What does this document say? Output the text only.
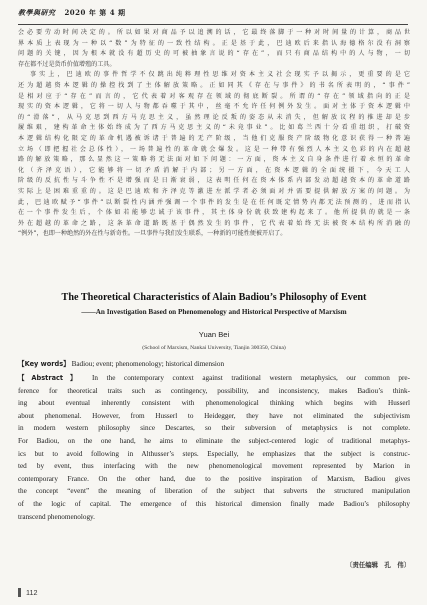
教學與研究 2020 年 第 4 期
会必要劳动时间决定的。所以如果对商品予以追溯的话，它最终落脚于一种对时间量的计算，商品世
界本质上表现为一种以“数”为特征的一致性结构。正是基于此，巴迪欧后来指认海德格尔没有洞察
问题的关键，因为根本就没有超历史的可被抽象言说的“存在”，而只有商品结构中的人与物，一切
存在都不过是货币价值增殖的工具。
事实上，巴迪欧的事件哲学不仅跳出纯粹理性思维对资本主义社会现实予以揭示，更重要的是它
还为超越资本逻辑的操控找到了主体解放策略。正如同其《存在与事件》的书名所表明的，“事件”
是相对应于“存在”而言的，它代表着对客观存在领域的彻底断裂。所谓的“存在”领域指向的正是
现实的资本逻辑，它将一切人与物都吞噬于其中，丝毫不允许任何例外发生。面对主体于资本逻辑中
的“滑落”，从马克思到西方马克思主义，虽然理论反叛的姿态从未消失，但解放议程的推进却是步
履维艰，建构革命主体始终成为了西方马克思主义的“未竟事业”。比如葛兰西十分看重组织，打破资
本逻辑结构化限定的革命机遇被诉诸于普遍的无产阶级，当他们克服资产阶级物化意识获得一种普遍
立场（即把握社会总体性），一场普遍性的革命就会爆发。这是一种带有强烈人本主义色彩的内在超越
路的解放策略，那么显然这一策略将无法面对如下问题：一方面，资本主义自身条件进行着永恒的革命
化（齐泽克语），它能够将一切矛盾消解于内部；另一方面，在资本逻辑的全面统摄下，今天工人
阶级的反抗性与斗争性不是增强而是日渐衰弱，这表明任何在资本体系内部发动超越资本的革命道路
实际上是困难重重的。这是巴迪欧和齐泽克等激进左派学者必须面对并需要提供解放方案的问题。为
此，巴迪欧赋予“事件”以断裂性内涵并强调一个事件的发生是在任何既定情势内都无法预测的，进而指认
在一个事件发生后，个体如若能够忠诚于该事件，其主体身份就获致建构起来了。他所提供的就是一条
外在超越的革命之路，这条革命道路既基于偶然发生的事件，它代表着始终无法被资本结构所消融的
“例外”，也即一种绝然的外在性与新奇性。一旦事件与我们发生联系，一种新的可能性便被开启了。
The Theoretical Characteristics of Alain Badiou’s Philosophy of Event
——An Investigation Based on Phenomenology and Historical Perspective of Marxism
Yuan Bei
(School of Marxism, Nankai University, Tianjin 300350, China)
【Key words】 Badiou; event; phenomenology; historical dimension
【Abstract】 In the contemporary context against traditional western metaphysics, our common pre-
ference for theoretical traits such as contingency, possibility, and inconsistency, makes Badiou’s think-
ing about eventual inherently consistent with phenomenological thinking which begins with Husserl
about phenomenal. However, from Husserl to Heidegger, they have not eliminated the subjectivism
in modern western philosophy since Descartes, so their subversion of metaphysics is not complete.
For Badiou, on the one hand, he aims to eliminate the subject-centered logic of traditional metaphys-
ics but to avoid following in Althusser’s steps. Especially, he emphasizes that the subject is construc-
ted by event, thus interfacing with the new phenomenological movement represented by Marion in
contemporary France. On the other hand, due to the positive inspiration of Marxism, Badiou gives
the concept “event” the meaning of liberation of the subject that subverts the structured manipulation
of the logic of capital. The emergence of this historical dimension finally made Badiou’s philosophy
transcend phenomenology.
〔责任编辑　孔　伟〕
112
